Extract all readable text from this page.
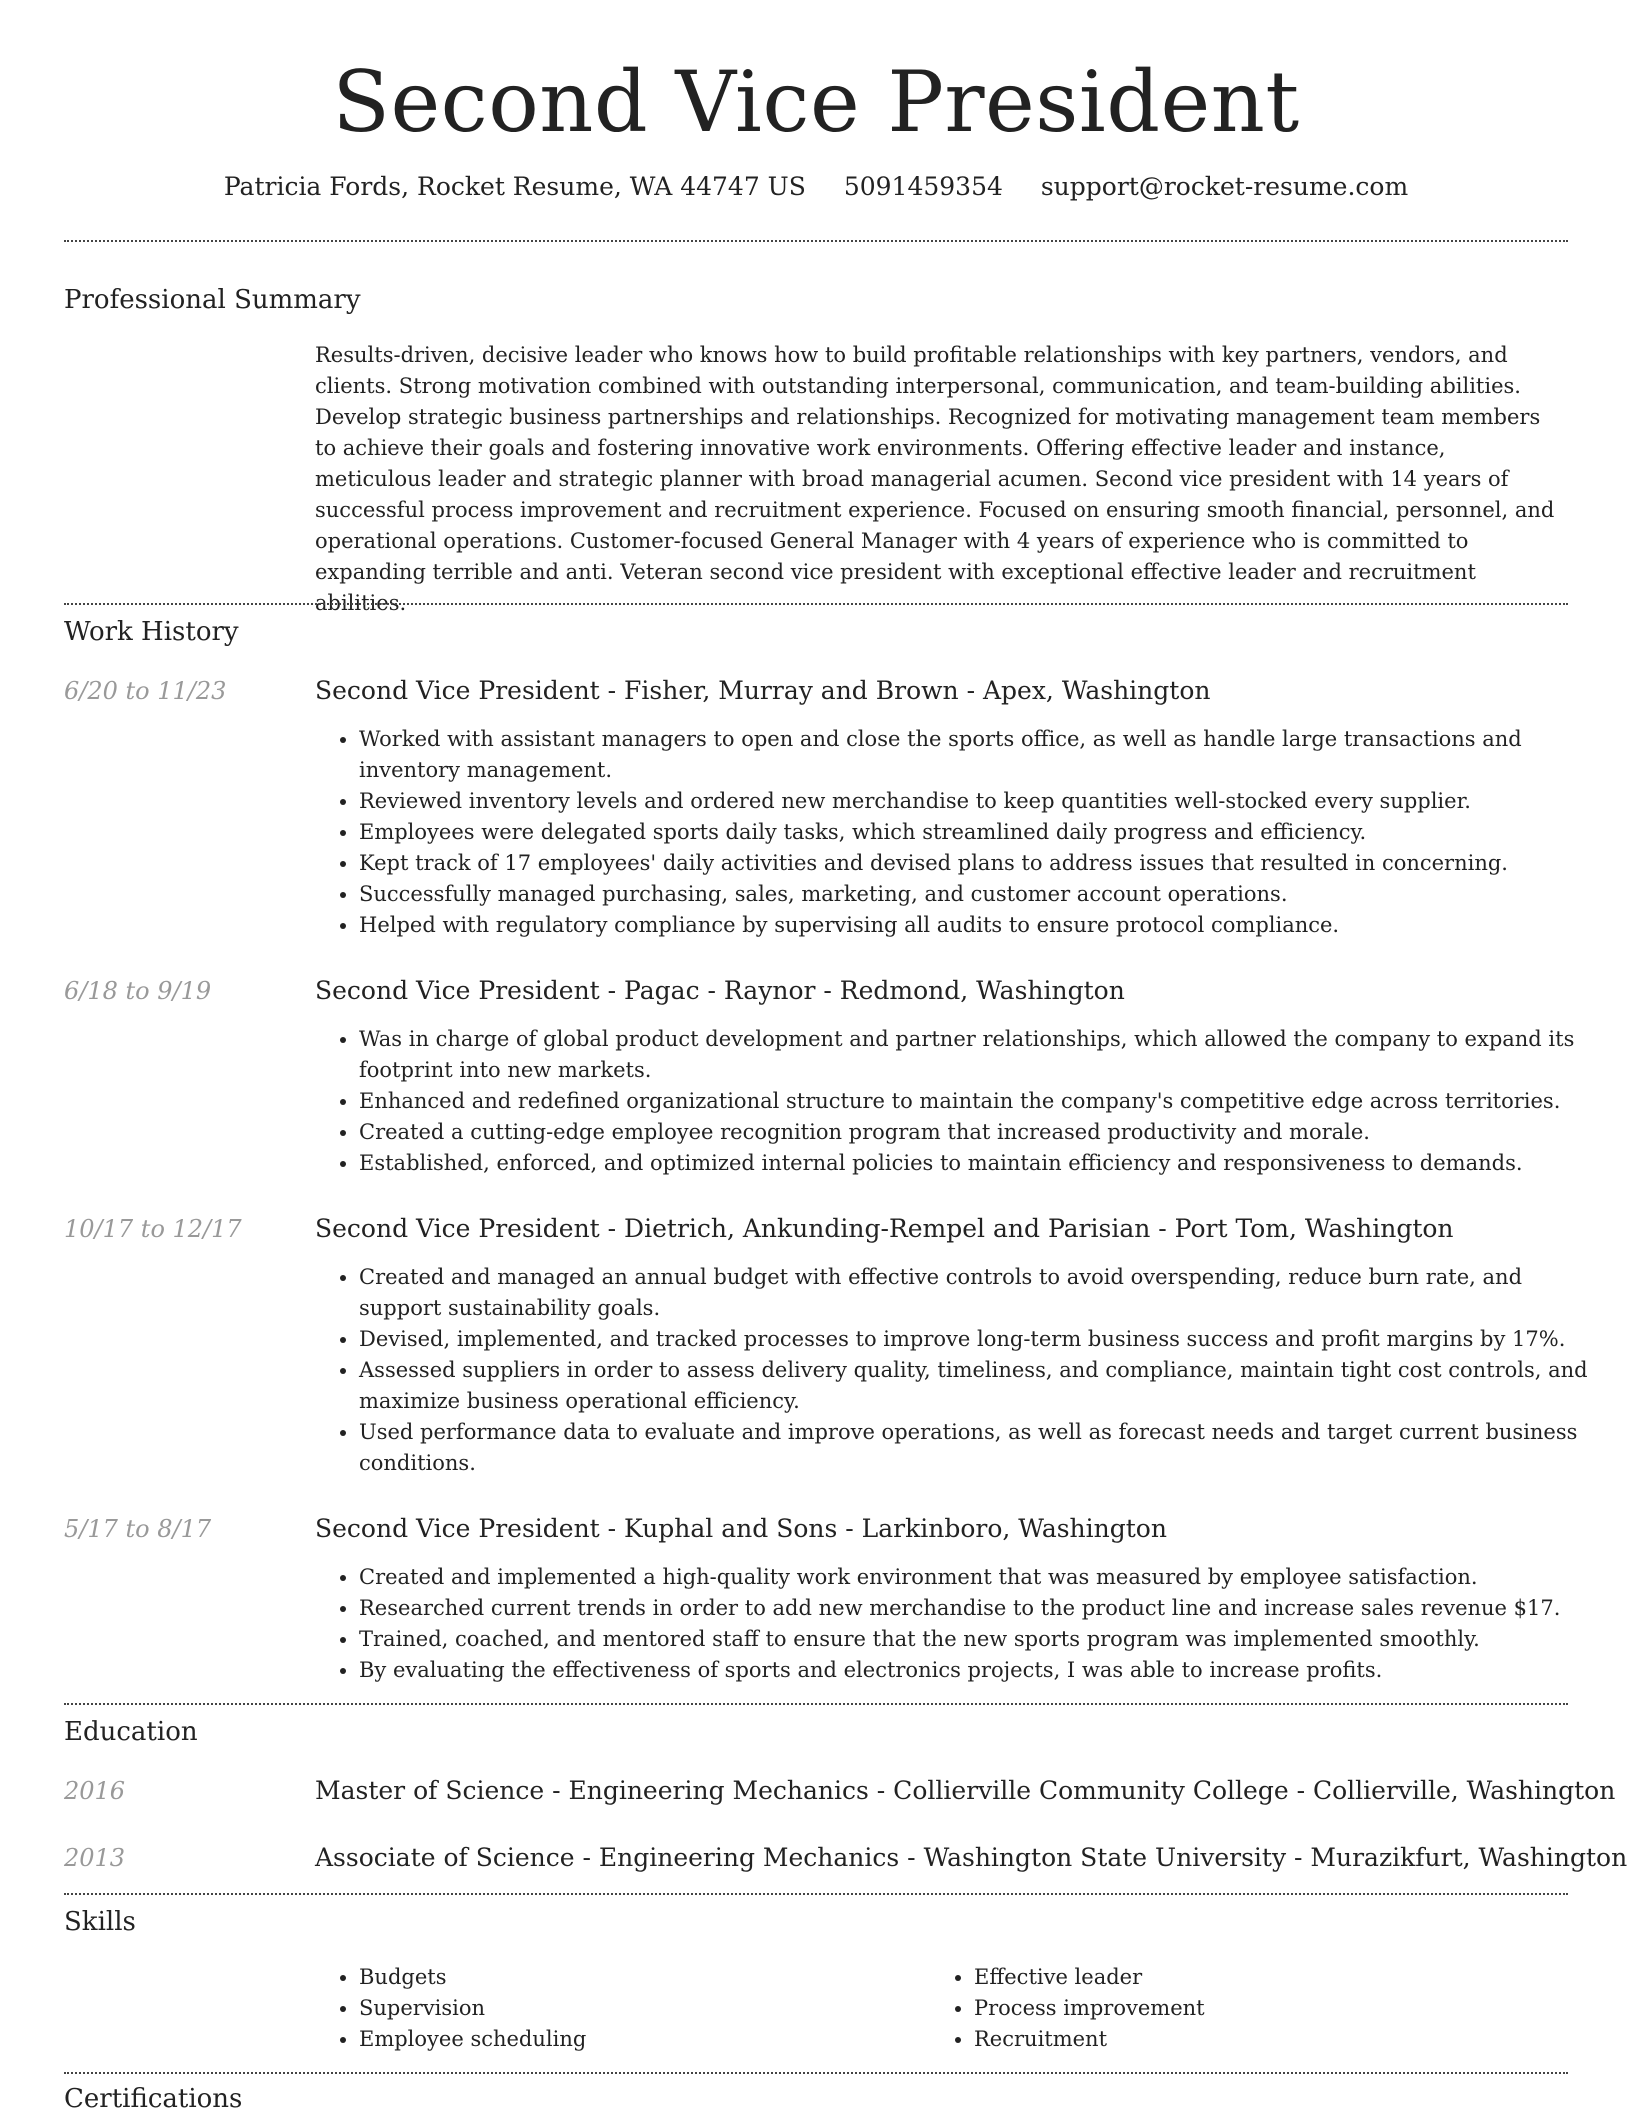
Second Vice President
Patricia Fords, Rocket Resume, WA 44747 US 5091459354 support@rocket-resume.com
Professional Summary

Results-driven, decisive leader who knows how to build profitable relationships with key partners, vendors, and clients. Strong motivation combined with outstanding interpersonal, communication, and team-building abilities. Develop strategic business partnerships and relationships. Recognized for motivating management team members to achieve their goals and fostering innovative work environments. Offering effective leader and instance, meticulous leader and strategic planner with broad managerial acumen. Second vice president with 14 years of successful process improvement and recruitment experience. Focused on ensuring smooth financial, personnel, and operational operations. Customer-focused General Manager with 4 years of experience who is committed to expanding terrible and anti. Veteran second vice president with exceptional effective leader and recruitment abilities.

Work History
6/20 to 11/23	Second Vice President - Fisher, Murray and Brown - Apex, Washington
• Worked with assistant managers to open and close the sports office, as well as handle large transactions and inventory management.
• Reviewed inventory levels and ordered new merchandise to keep quantities well-stocked every supplier.
• Employees were delegated sports daily tasks, which streamlined daily progress and efficiency.
• Kept track of 17 employees' daily activities and devised plans to address issues that resulted in concerning.
• Successfully managed purchasing, sales, marketing, and customer account operations.
• Helped with regulatory compliance by supervising all audits to ensure protocol compliance.
6/18 to 9/19	Second Vice President - Pagac - Raynor - Redmond, Washington
• Was in charge of global product development and partner relationships, which allowed the company to expand its footprint into new markets.
• Enhanced and redefined organizational structure to maintain the company's competitive edge across territories.
• Created a cutting-edge employee recognition program that increased productivity and morale.
• Established, enforced, and optimized internal policies to maintain efficiency and responsiveness to demands.
10/17 to 12/17	Second Vice President - Dietrich, Ankunding-Rempel and Parisian - Port Tom, Washington
• Created and managed an annual budget with effective controls to avoid overspending, reduce burn rate, and support sustainability goals.
• Devised, implemented, and tracked processes to improve long-term business success and profit margins by 17%.
• Assessed suppliers in order to assess delivery quality, timeliness, and compliance, maintain tight cost controls, and maximize business operational efficiency.
• Used performance data to evaluate and improve operations, as well as forecast needs and target current business conditions.
5/17 to 8/17	Second Vice President - Kuphal and Sons - Larkinboro, Washington
• Created and implemented a high-quality work environment that was measured by employee satisfaction.
• Researched current trends in order to add new merchandise to the product line and increase sales revenue $17.
• Trained, coached, and mentored staff to ensure that the new sports program was implemented smoothly.
• By evaluating the effectiveness of sports and electronics projects, I was able to increase profits.
Education
2016	Master of Science - Engineering Mechanics - Collierville Community College - Collierville, Washington
2013	Associate of Science - Engineering Mechanics - Washington State University - Murazikfurt, Washington
Skills
• Budgets
• Supervision
• Employee scheduling
• Effective leader
• Process improvement
• Recruitment
Certifications
